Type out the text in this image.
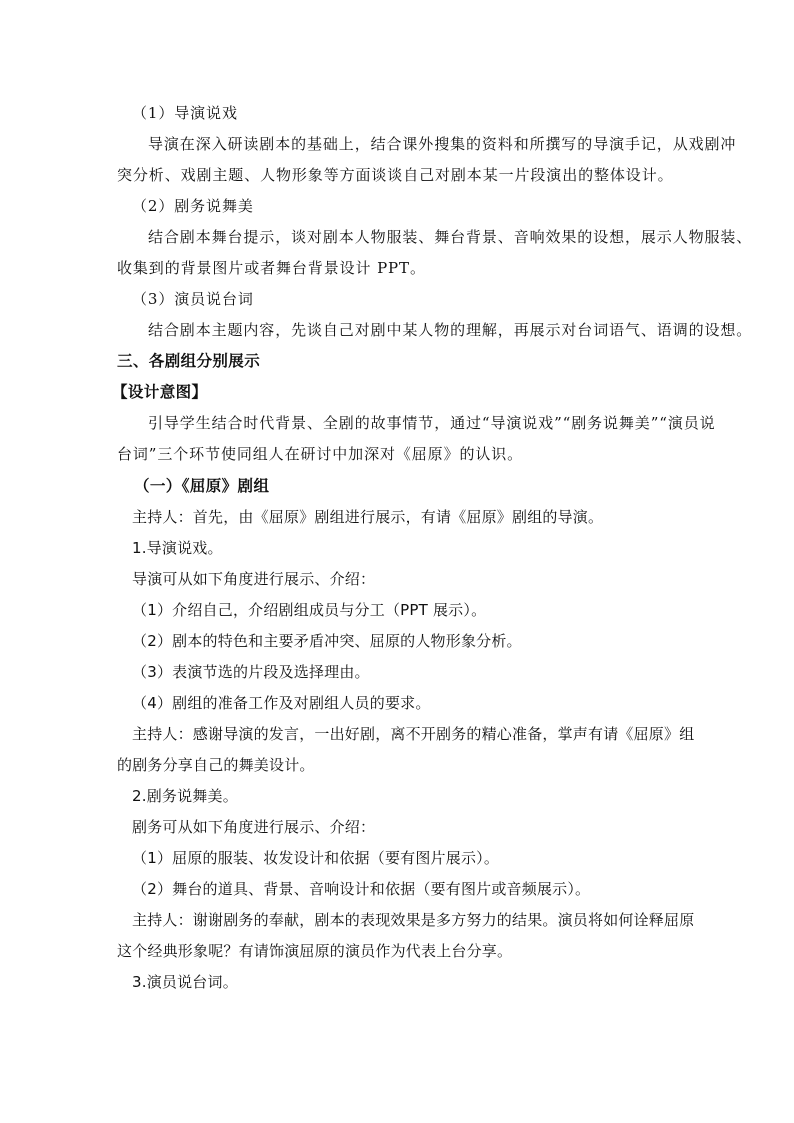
（1）导演说戏
导演在深入研读剧本的基础上，结合课外搜集的资料和所撰写的导演手记，从戏剧冲
突分析、戏剧主题、人物形象等方面谈谈自己对剧本某一片段演出的整体设计。
（2）剧务说舞美
结合剧本舞台提示，谈对剧本人物服装、舞台背景、音响效果的设想，展示人物服装、
收集到的背景图片或者舞台背景设计 PPT。
（3）演员说台词
结合剧本主题内容，先谈自己对剧中某人物的理解，再展示对台词语气、语调的设想。
三、各剧组分别展示
【设计意图】
引导学生结合时代背景、全剧的故事情节，通过“导演说戏”“剧务说舞美”“演员说
台词”三个环节使同组人在研讨中加深对《屈原》的认识。
（一）《屈原》剧组
主持人：首先，由《屈原》剧组进行展示，有请《屈原》剧组的导演。
1.导演说戏。
导演可从如下角度进行展示、介绍：
（1）介绍自己，介绍剧组成员与分工（PPT 展示）。
（2）剧本的特色和主要矛盾冲突、屈原的人物形象分析。
（3）表演节选的片段及选择理由。
（4）剧组的准备工作及对剧组人员的要求。
主持人：感谢导演的发言，一出好剧，离不开剧务的精心准备，掌声有请《屈原》组
的剧务分享自己的舞美设计。
2.剧务说舞美。
剧务可从如下角度进行展示、介绍：
（1）屈原的服装、妆发设计和依据（要有图片展示）。
（2）舞台的道具、背景、音响设计和依据（要有图片或音频展示）。
主持人：谢谢剧务的奉献，剧本的表现效果是多方努力的结果。演员将如何诠释屈原
这个经典形象呢？有请饰演屈原的演员作为代表上台分享。
3.演员说台词。
